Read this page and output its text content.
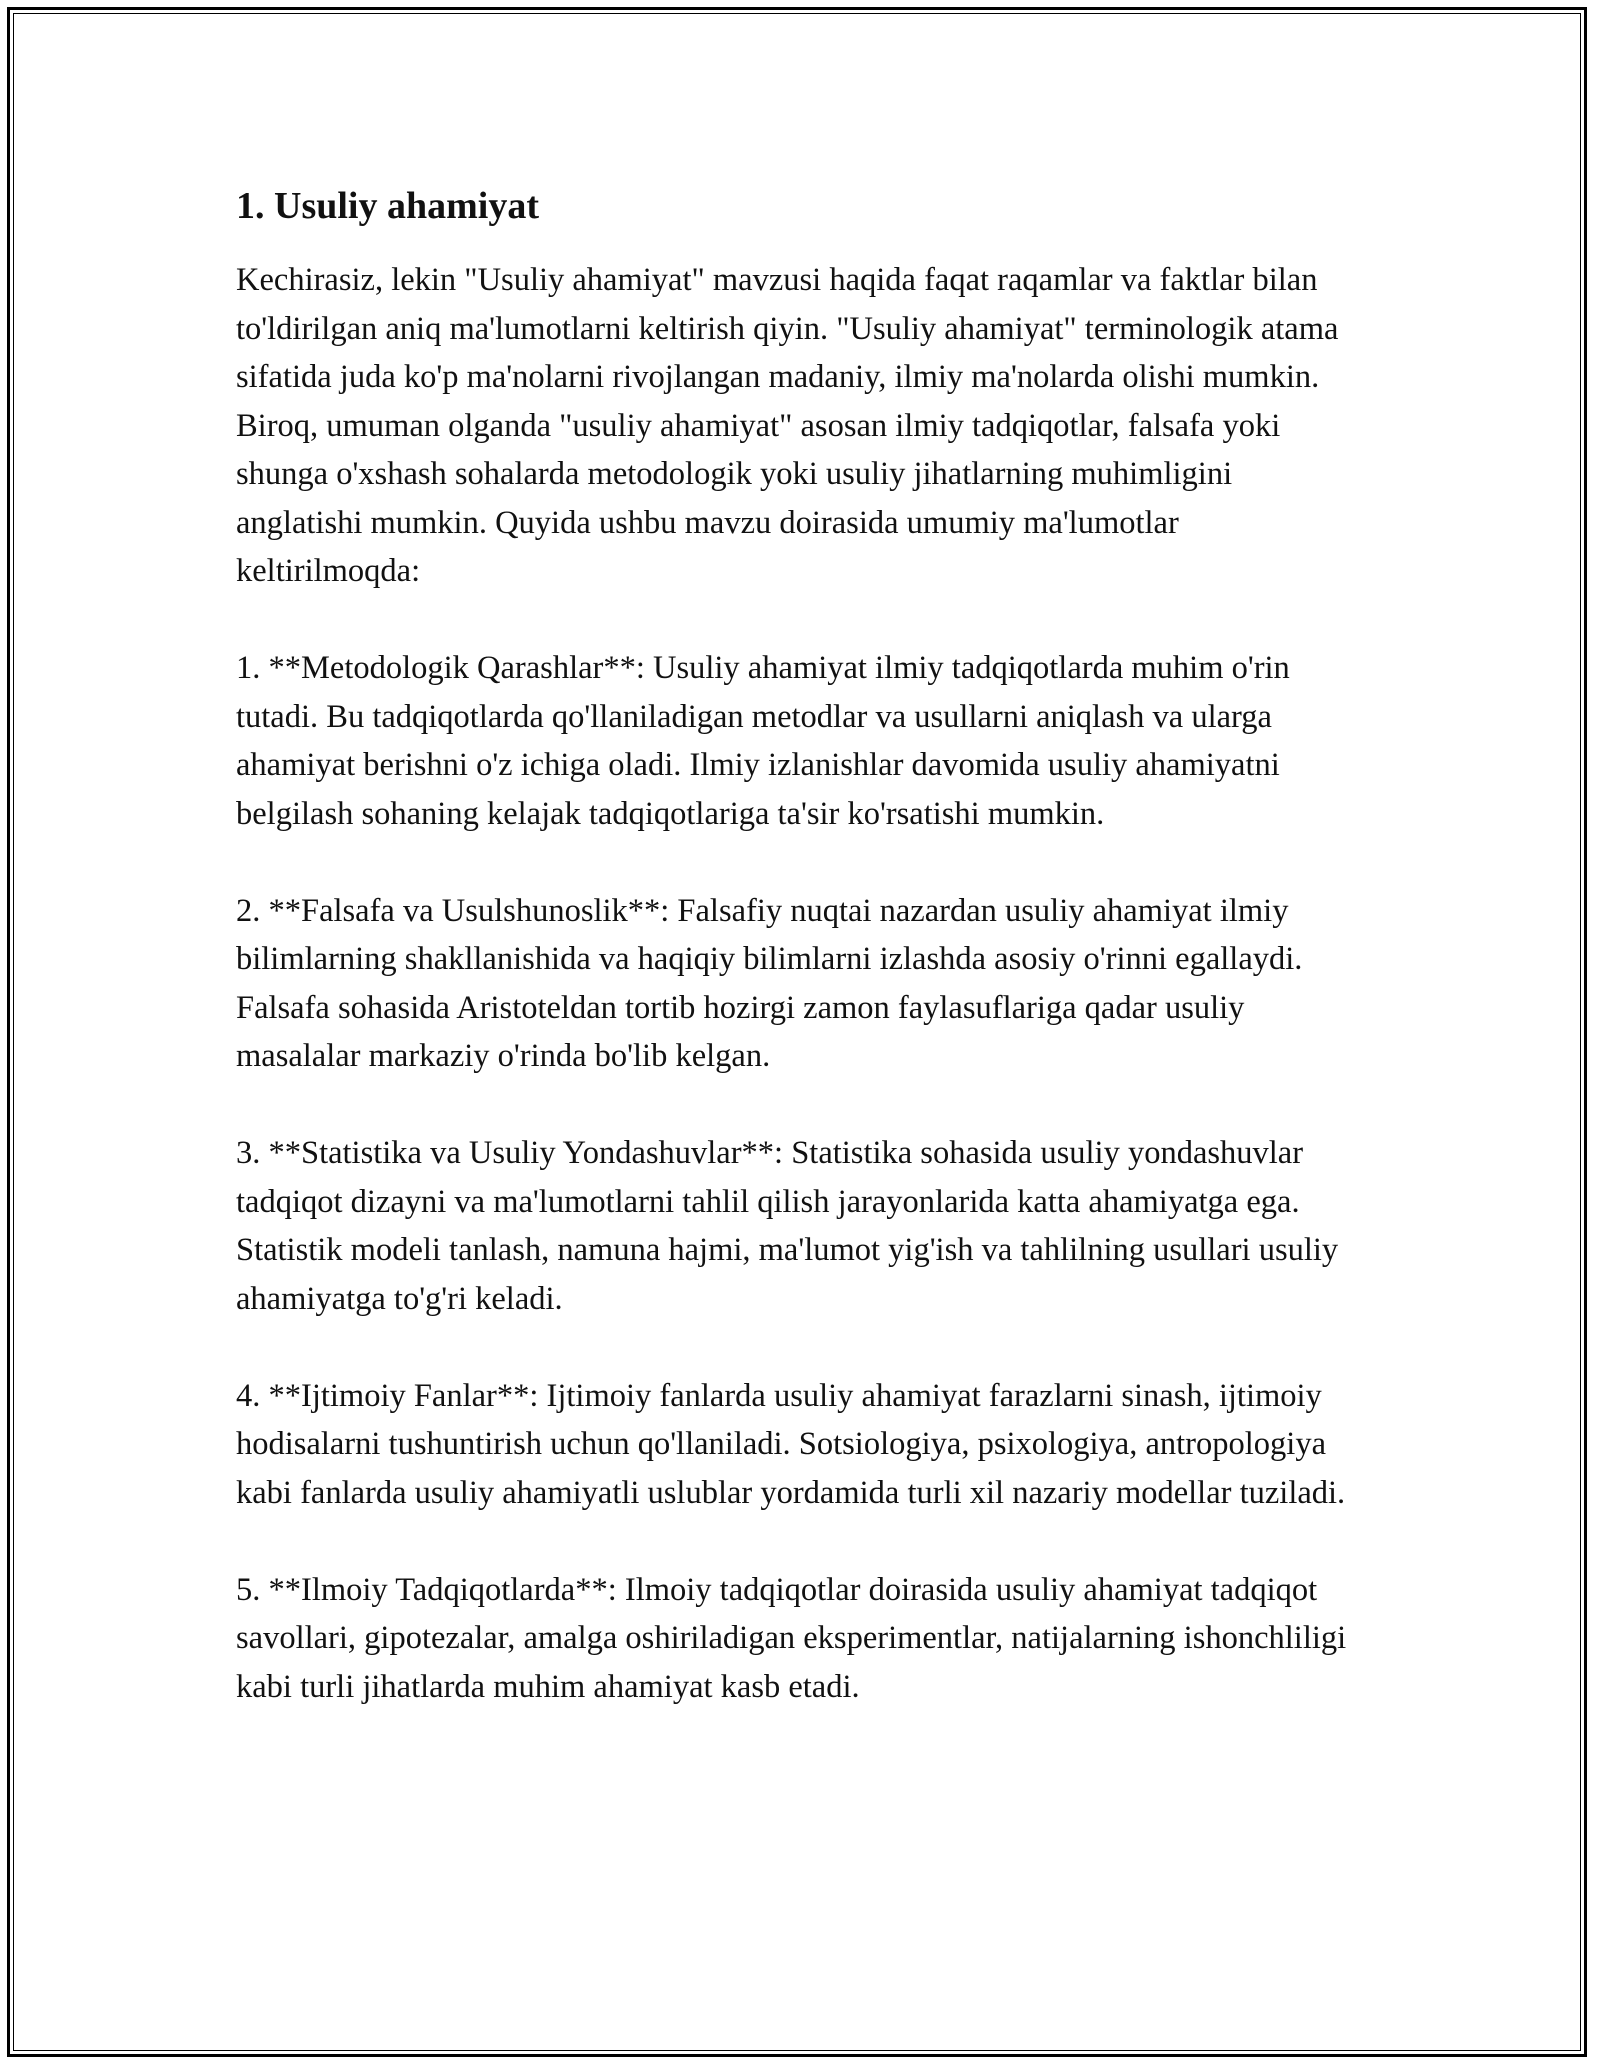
1. Usuliy ahamiyat

Kechirasiz, lekin "Usuliy ahamiyat" mavzusi haqida faqat raqamlar va faktlar bilan to'ldirilgan aniq ma'lumotlarni keltirish qiyin. "Usuliy ahamiyat" terminologik atama sifatida juda ko'p ma'nolarni rivojlangan madaniy, ilmiy ma'nolarda olishi mumkin. Biroq, umuman olganda "usuliy ahamiyat" asosan ilmiy tadqiqotlar, falsafa yoki shunga o'xshash sohalarda metodologik yoki usuliy jihatlarning muhimligini anglatishi mumkin. Quyida ushbu mavzu doirasida umumiy ma'lumotlar keltirilmoqda:

1. **Metodologik Qarashlar**: Usuliy ahamiyat ilmiy tadqiqotlarda muhim o'rin tutadi. Bu tadqiqotlarda qo'llaniladigan metodlar va usullarni aniqlash va ularga ahamiyat berishni o'z ichiga oladi. Ilmiy izlanishlar davomida usuliy ahamiyatni belgilash sohaning kelajak tadqiqotlariga ta'sir ko'rsatishi mumkin.

2. **Falsafa va Usulshunoslik**: Falsafiy nuqtai nazardan usuliy ahamiyat ilmiy bilimlarning shakllanishida va haqiqiy bilimlarni izlashda asosiy o'rinni egallaydi. Falsafa sohasida Aristoteldan tortib hozirgi zamon faylasuflariga qadar usuliy masalalar markaziy o'rinda bo'lib kelgan.

3. **Statistika va Usuliy Yondashuvlar**: Statistika sohasida usuliy yondashuvlar tadqiqot dizayni va ma'lumotlarni tahlil qilish jarayonlarida katta ahamiyatga ega. Statistik modeli tanlash, namuna hajmi, ma'lumot yig'ish va tahlilning usullari usuliy ahamiyatga to'g'ri keladi.

4. **Ijtimoiy Fanlar**: Ijtimoiy fanlarda usuliy ahamiyat farazlarni sinash, ijtimoiy hodisalarni tushuntirish uchun qo'llaniladi. Sotsiologiya, psixologiya, antropologiya kabi fanlarda usuliy ahamiyatli uslublar yordamida turli xil nazariy modellar tuziladi.

5. **Ilmoiy Tadqiqotlarda**: Ilmoiy tadqiqotlar doirasida usuliy ahamiyat tadqiqot savollari, gipotezalar, amalga oshiriladigan eksperimentlar, natijalarning ishonchliligi kabi turli jihatlarda muhim ahamiyat kasb etadi.
